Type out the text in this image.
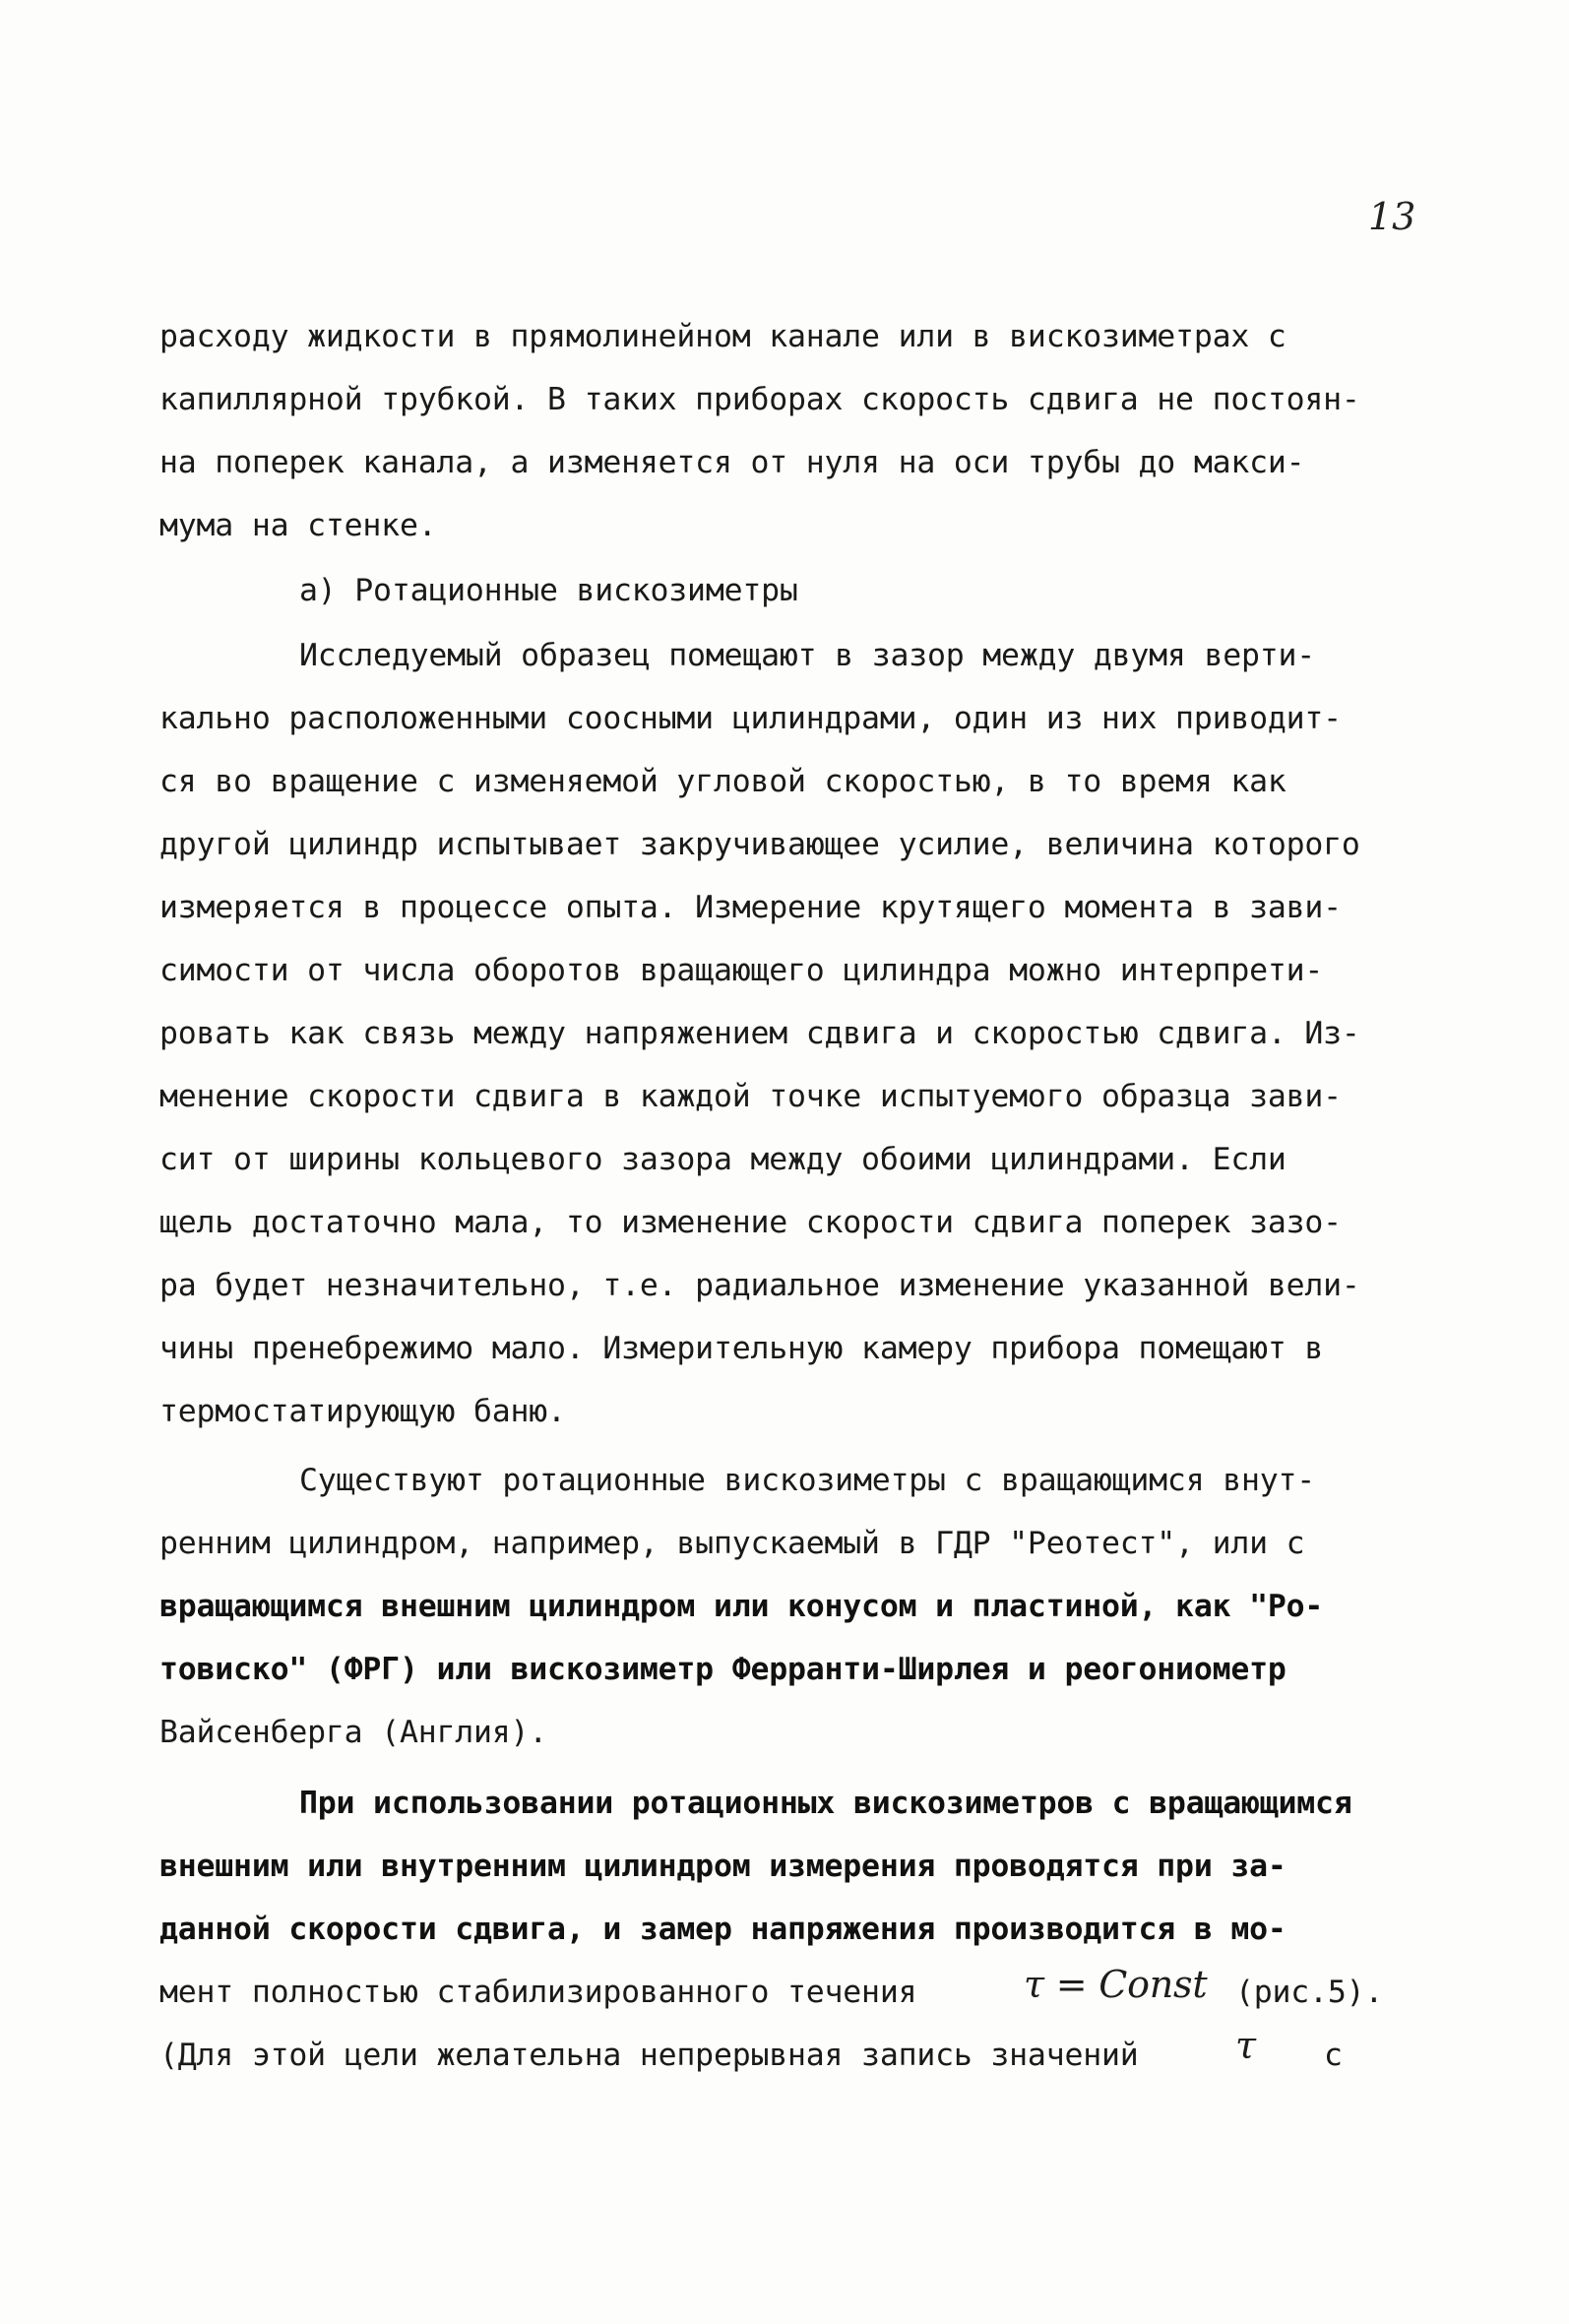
13
расходу жидкости в прямолинейном канале или в вискозиметрах с
капиллярной трубкой. В таких приборах скорость сдвига не постоян-
на поперек канала, а изменяется от нуля на оси трубы до макси-
мума на стенке.
а) Ротационные вискозиметры
Исследуемый образец помещают в зазор между двумя верти-
кально расположенными соосными цилиндрами, один из них приводит-
ся во вращение с изменяемой угловой скоростью, в то время как
другой цилиндр испытывает закручивающее усилие, величина которого
измеряется в процессе опыта. Измерение крутящего момента в зави-
симости от числа оборотов вращающего цилиндра можно интерпрети-
ровать как связь между напряжением сдвига и скоростью сдвига. Из-
менение скорости сдвига в каждой точке испытуемого образца зави-
сит от ширины кольцевого зазора между обоими цилиндрами. Если
щель достаточно мала, то изменение скорости сдвига поперек зазо-
ра будет незначительно, т.е. радиальное изменение указанной вели-
чины пренебрежимо мало. Измерительную камеру прибора помещают в
термостатирующую баню.
Существуют ротационные вискозиметры с вращающимся внут-
ренним цилиндром, например, выпускаемый в ГДР "Реотест", или с
вращающимся внешним цилиндром или конусом и пластиной, как "Ро-
товиско" (ФРГ) или вискозиметр Ферранти-Ширлея и реогониометр
Вайсенберга (Англия).
При использовании ротационных вискозиметров с вращающимся
внешним или внутренним цилиндром измерения проводятся при за-
данной скорости сдвига, и замер напряжения производится в мо-
мент полностью стабилизированного течения	τ = Const (рис.5).
(Для этой цели желательна непрерывная запись значений	τ с
